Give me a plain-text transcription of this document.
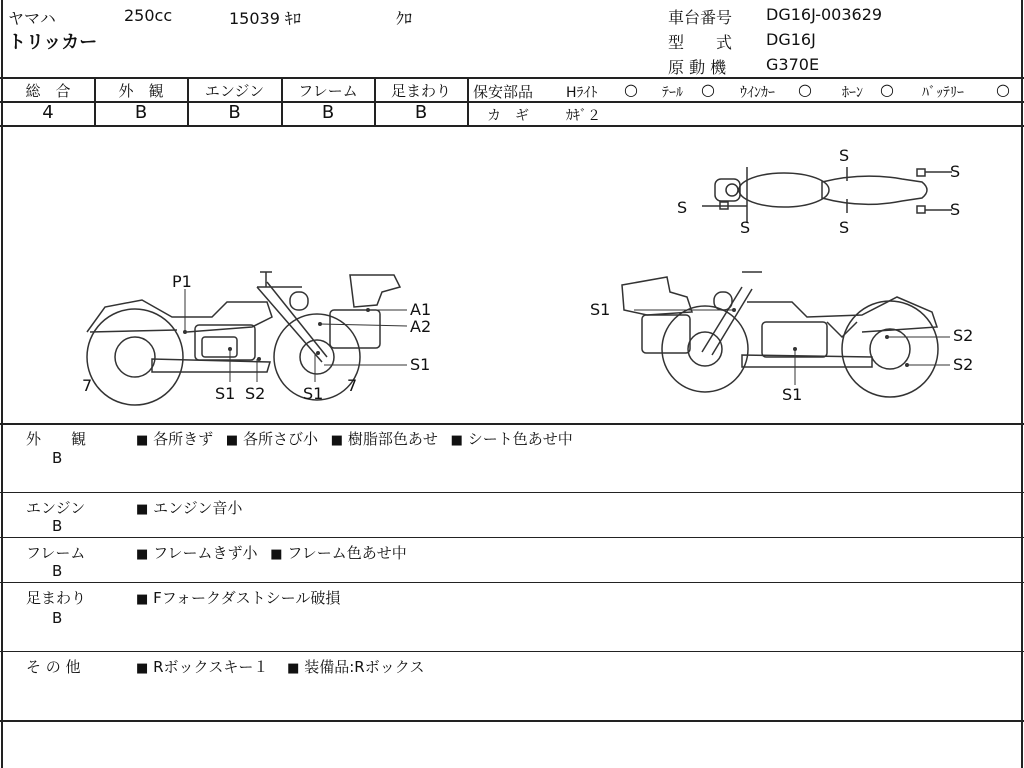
ヤマハ	250cc	15039 ｷﾛ	ｸﾛ
トリッカー
車台番号 DG16J-003629
型　　式 DG16J
原 動 機 G370E
総　合	外　観	エンジン	フレーム	足まわり
4	B	B	B	B
保安部品 Hﾗｲﾄ ○ ﾃｰﾙ ○ ｳｲﾝｶｰ ○ ﾎｰﾝ ○ ﾊﾞｯﾃﾘｰ ○
カ　ギ	ｶｷﾞ２
S
S
S	S
S	S
P1
A1
A2
S1
7	S1 S2 S1 7
S1
S2
S2
S1
外　　観
B
■ 各所きず ■ 各所さび小 ■ 樹脂部色あせ ■ シート色あせ中
エンジン
B
■ エンジン音小
フレーム
B
■ フレームきず小 ■ フレーム色あせ中
足まわり
B
■ Fフォークダストシール破損
そ の 他	■ Rボックスキー１ ■ 装備品:Rボックス
